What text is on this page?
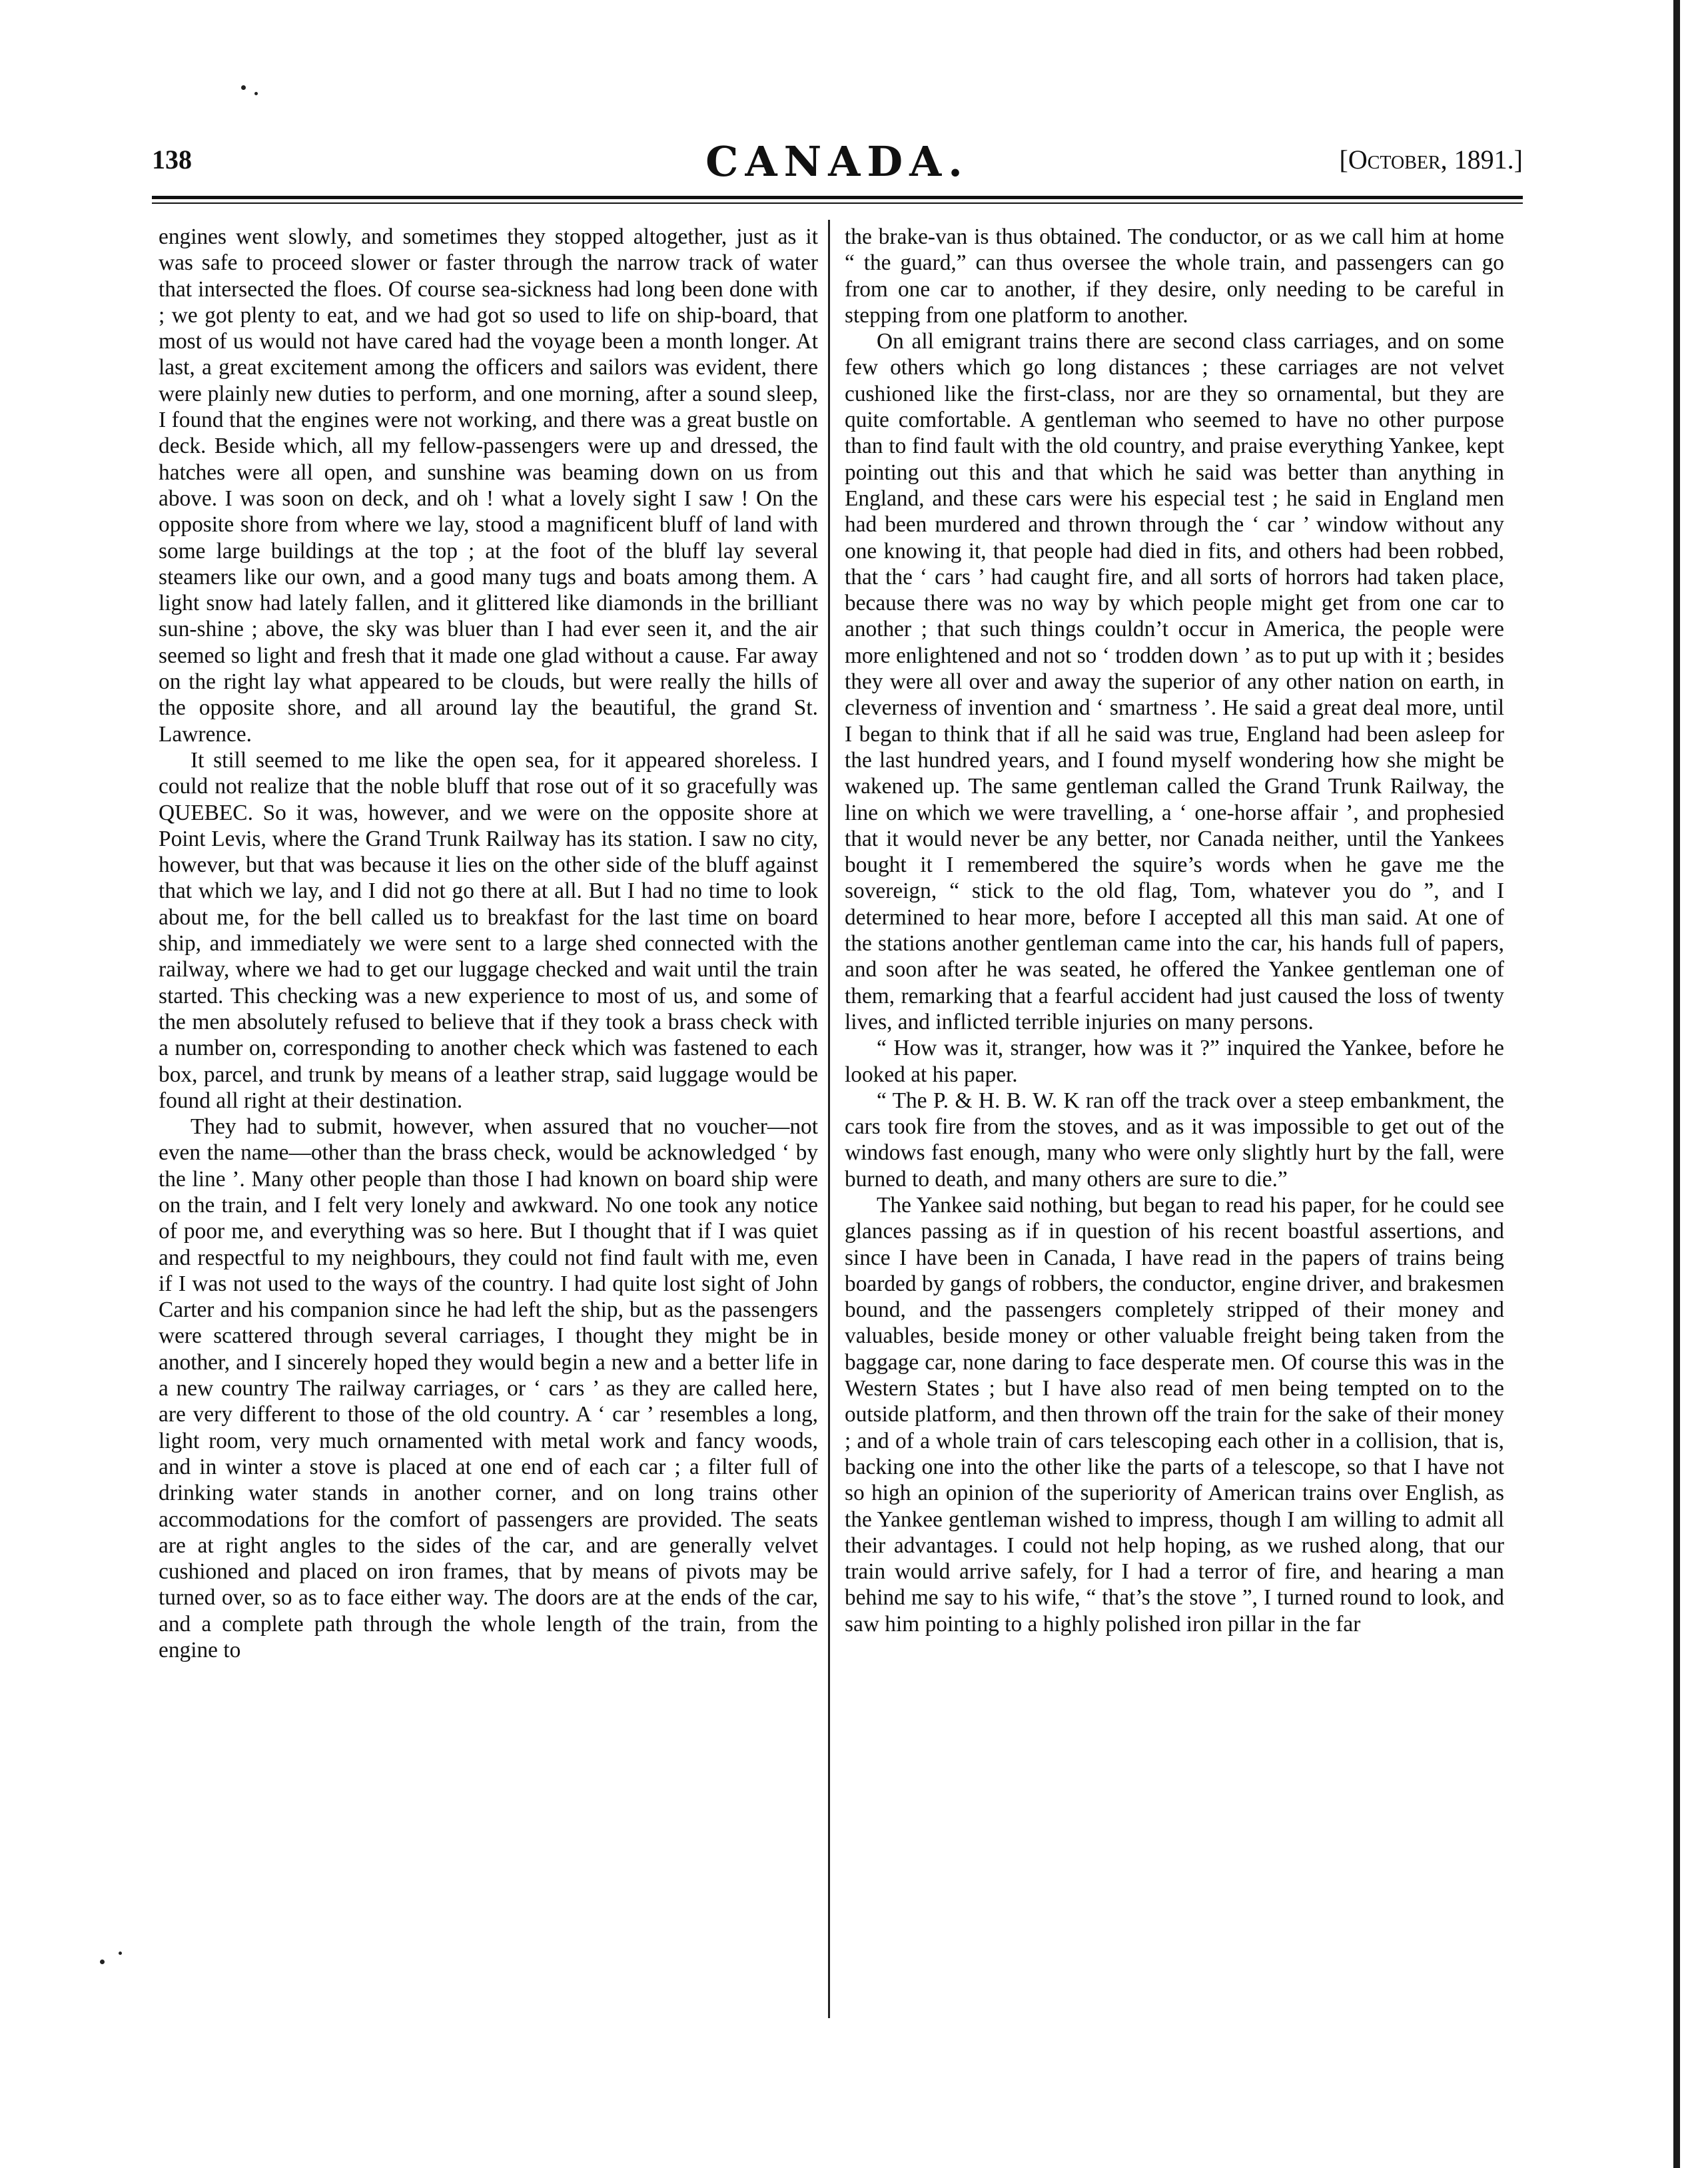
138	CANADA.	[October, 1891.]

engines went slowly, and sometimes they stopped altogether, just as it was safe to proceed slower or faster through the narrow track of water that intersected the floes. Of course sea-sickness had long been done with ; we got plenty to eat, and we had got so used to life on ship-board, that most of us would not have cared had the voyage been a month longer. At last, a great excitement among the officers and sailors was evident, there were plainly new duties to perform, and one morning, after a sound sleep, I found that the engines were not working, and there was a great bustle on deck. Beside which, all my fellow-passengers were up and dressed, the hatches were all open, and sunshine was beaming down on us from above. I was soon on deck, and oh ! what a lovely sight I saw ! On the opposite shore from where we lay, stood a magnificent bluff of land with some large buildings at the top ; at the foot of the bluff lay several steamers like our own, and a good many tugs and boats among them. A light snow had lately fallen, and it glittered like diamonds in the brilliant sun-shine ; above, the sky was bluer than I had ever seen it, and the air seemed so light and fresh that it made one glad without a cause. Far away on the right lay what appeared to be clouds, but were really the hills of the opposite shore, and all around lay the beautiful, the grand St. Lawrence.

It still seemed to me like the open sea, for it appeared shoreless. I could not realize that the noble bluff that rose out of it so gracefully was QUEBEC. So it was, however, and we were on the opposite shore at Point Levis, where the Grand Trunk Railway has its station. I saw no city, however, but that was because it lies on the other side of the bluff against that which we lay, and I did not go there at all. But I had no time to look about me, for the bell called us to breakfast for the last time on board ship, and immediately we were sent to a large shed connected with the railway, where we had to get our luggage checked and wait until the train started. This checking was a new experience to most of us, and some of the men absolutely refused to believe that if they took a brass check with a number on, corresponding to another check which was fastened to each box, parcel, and trunk by means of a leather strap, said luggage would be found all right at their destination.

They had to submit, however, when assured that no voucher—not even the name—other than the brass check, would be acknowledged ‘ by the line ’. Many other people than those I had known on board ship were on the train, and I felt very lonely and awkward. No one took any notice of poor me, and everything was so here. But I thought that if I was quiet and respectful to my neighbours, they could not find fault with me, even if I was not used to the ways of the country. I had quite lost sight of John Carter and his companion since he had left the ship, but as the passengers were scattered through several carriages, I thought they might be in another, and I sincerely hoped they would begin a new and a better life in a new country The railway carriages, or ‘ cars ’ as they are called here, are very different to those of the old country. A ‘ car ’ resembles a long, light room, very much ornamented with metal work and fancy woods, and in winter a stove is placed at one end of each car ; a filter full of drinking water stands in another corner, and on long trains other accommodations for the comfort of passengers are provided. The seats are at right angles to the sides of the car, and are generally velvet cushioned and placed on iron frames, that by means of pivots may be turned over, so as to face either way. The doors are at the ends of the car, and a complete path through the whole length of the train, from the engine to

the brake-van is thus obtained. The conductor, or as we call him at home “ the guard,” can thus oversee the whole train, and passengers can go from one car to another, if they desire, only needing to be careful in stepping from one platform to another.

On all emigrant trains there are second class carriages, and on some few others which go long distances ; these carriages are not velvet cushioned like the first-class, nor are they so ornamental, but they are quite comfortable. A gentleman who seemed to have no other purpose than to find fault with the old country, and praise everything Yankee, kept pointing out this and that which he said was better than anything in England, and these cars were his especial test ; he said in England men had been murdered and thrown through the ‘ car ’ window without any one knowing it, that people had died in fits, and others had been robbed, that the ‘ cars ’ had caught fire, and all sorts of horrors had taken place, because there was no way by which people might get from one car to another ; that such things couldn’t occur in America, the people were more enlightened and not so ‘ trodden down ’ as to put up with it ; besides they were all over and away the superior of any other nation on earth, in cleverness of invention and ‘ smartness ’. He said a great deal more, until I began to think that if all he said was true, England had been asleep for the last hundred years, and I found myself wondering how she might be wakened up. The same gentleman called the Grand Trunk Railway, the line on which we were travelling, a ‘ one-horse affair ’, and prophesied that it would never be any better, nor Canada neither, until the Yankees bought it I remembered the squire’s words when he gave me the sovereign, “ stick to the old flag, Tom, whatever you do ”, and I determined to hear more, before I accepted all this man said. At one of the stations another gentleman came into the car, his hands full of papers, and soon after he was seated, he offered the Yankee gentleman one of them, remarking that a fearful accident had just caused the loss of twenty lives, and inflicted terrible injuries on many persons.

“ How was it, stranger, how was it ?” inquired the Yankee, before he looked at his paper.

“ The P. & H. B. W. K ran off the track over a steep embankment, the cars took fire from the stoves, and as it was impossible to get out of the windows fast enough, many who were only slightly hurt by the fall, were burned to death, and many others are sure to die.”

The Yankee said nothing, but began to read his paper, for he could see glances passing as if in question of his recent boastful assertions, and since I have been in Canada, I have read in the papers of trains being boarded by gangs of robbers, the conductor, engine driver, and brakesmen bound, and the passengers completely stripped of their money and valuables, beside money or other valuable freight being taken from the baggage car, none daring to face desperate men. Of course this was in the Western States ; but I have also read of men being tempted on to the outside platform, and then thrown off the train for the sake of their money ; and of a whole train of cars telescoping each other in a collision, that is, backing one into the other like the parts of a telescope, so that I have not so high an opinion of the superiority of American trains over English, as the Yankee gentleman wished to impress, though I am willing to admit all their advantages. I could not help hoping, as we rushed along, that our train would arrive safely, for I had a terror of fire, and hearing a man behind me say to his wife, “ that’s the stove ”, I turned round to look, and saw him pointing to a highly polished iron pillar in the far
